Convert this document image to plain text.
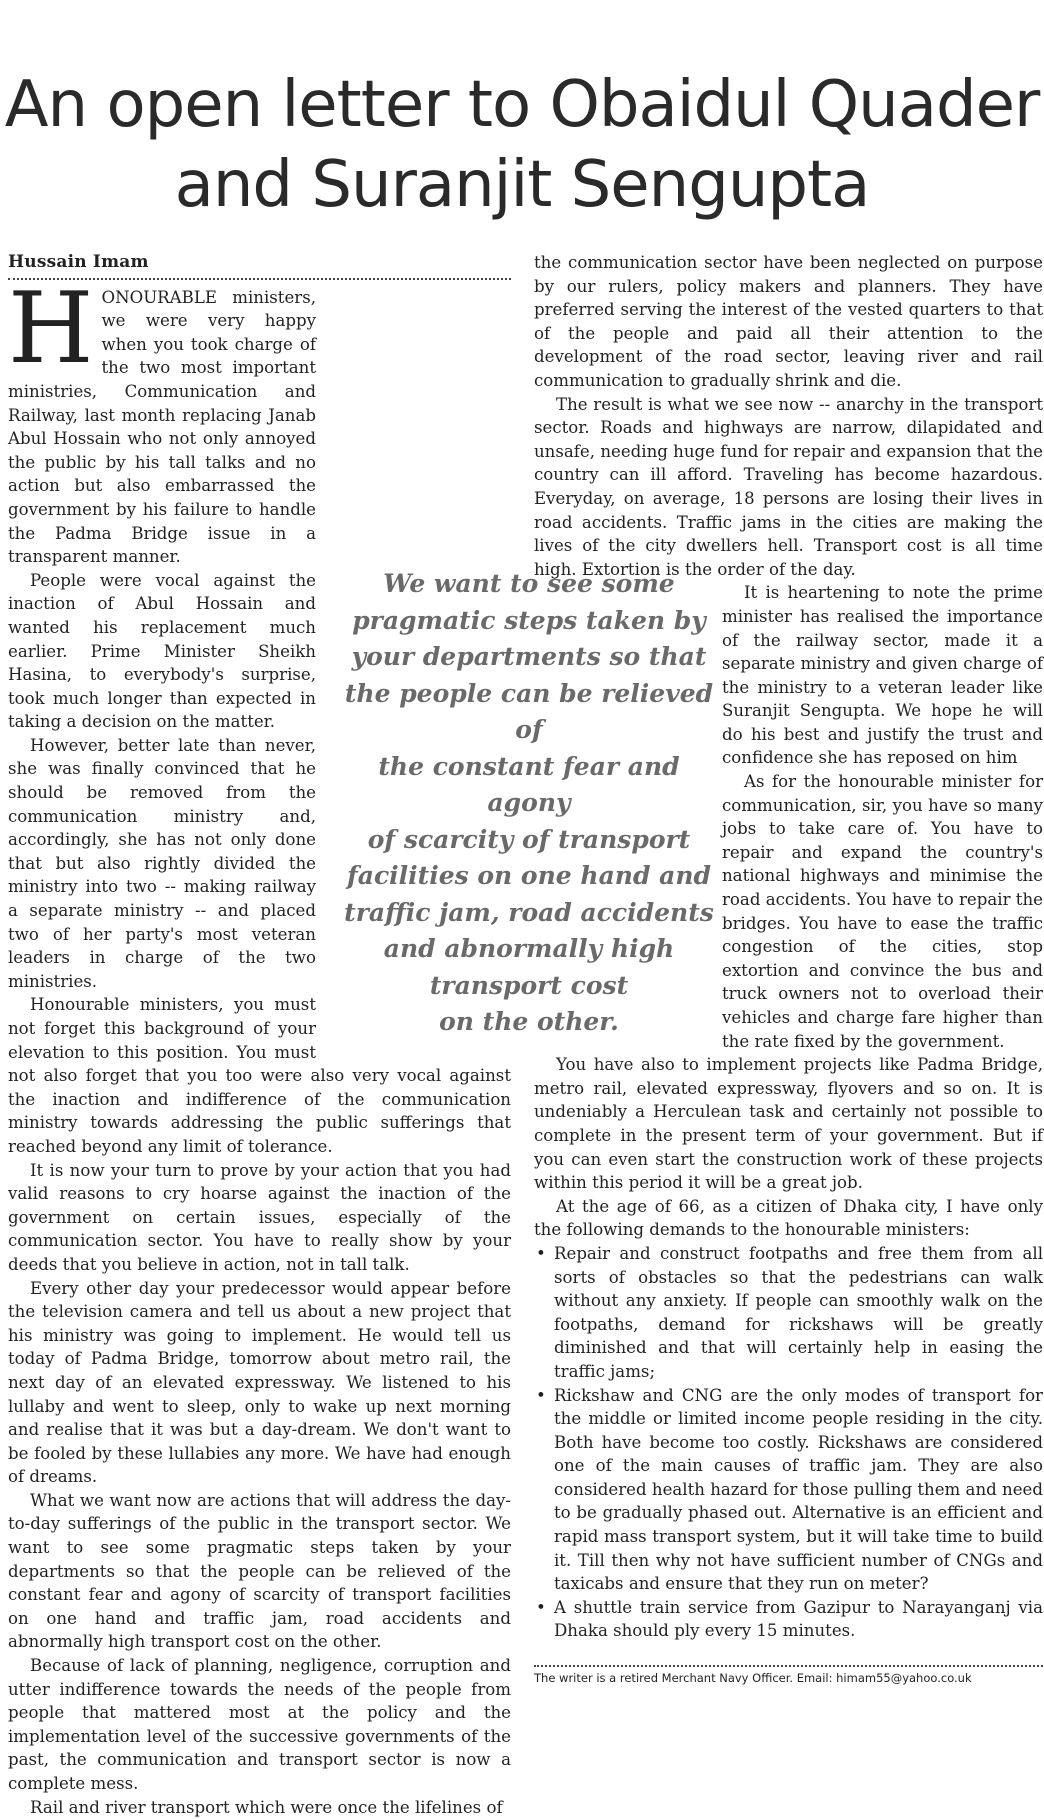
An open letter to Obaidul Quader
and Suranjit Sengupta
Hussain Imam

HONOURABLE ministers, we were very happy when you took charge of the two most important ministries, Communication and Railway, last month replacing Janab Abul Hossain who not only annoyed the public by his tall talks and no action but also embarrassed the government by his failure to handle the Padma Bridge issue in a transparent manner.

People were vocal against the inaction of Abul Hossain and wanted his replacement much earlier. Prime Minister Sheikh Hasina, to everybody's surprise, took much longer than expected in taking a decision on the matter.

However, better late than never, she was finally convinced that he should be removed from the communication ministry and, accordingly, she has not only done that but also rightly divided the ministry into two -- making railway a separate ministry -- and placed two of her party's most veteran leaders in charge of the two ministries.

Honourable ministers, you must not forget this background of your elevation to this position. You must not also forget that you too were also very vocal against the inaction and indifference of the communication ministry towards addressing the public sufferings that reached beyond any limit of tolerance.

It is now your turn to prove by your action that you had valid reasons to cry hoarse against the inaction of the government on certain issues, especially of the communication sector. You have to really show by your deeds that you believe in action, not in tall talk.

Every other day your predecessor would appear before the television camera and tell us about a new project that his ministry was going to implement. He would tell us today of Padma Bridge, tomorrow about metro rail, the next day of an elevated expressway. We listened to his lullaby and went to sleep, only to wake up next morning and realise that it was but a day-dream. We don't want to be fooled by these lullabies any more. We have had enough of dreams.

What we want now are actions that will address the day-to-day sufferings of the public in the transport sector. We want to see some pragmatic steps taken by your departments so that the people can be relieved of the constant fear and agony of scarcity of transport facilities on one hand and traffic jam, road accidents and abnormally high transport cost on the other.

Because of lack of planning, negligence, corruption and utter indifference towards the needs of the people from people that mattered most at the policy and the implementation level of the successive governments of the past, the communication and transport sector is now a complete mess.

Rail and river transport which were once the lifelines of

the communication sector have been neglected on purpose by our rulers, policy makers and planners. They have preferred serving the interest of the vested quarters to that of the people and paid all their attention to the development of the road sector, leaving river and rail communication to gradually shrink and die.

The result is what we see now -- anarchy in the transport sector. Roads and highways are narrow, dilapidated and unsafe, needing huge fund for repair and expansion that the country can ill afford. Traveling has become hazardous. Everyday, on average, 18 persons are losing their lives in road accidents. Traffic jams in the cities are making the lives of the city dwellers hell. Transport cost is all time high. Extortion is the order of the day.

It is heartening to note the prime minister has realised the importance of the railway sector, made it a separate ministry and given charge of the ministry to a veteran leader like Suranjit Sengupta. We hope he will do his best and justify the trust and confidence she has reposed on him

As for the honourable minister for communication, sir, you have so many jobs to take care of. You have to repair and expand the country's national highways and minimise the road accidents. You have to repair the bridges. You have to ease the traffic congestion of the cities, stop extortion and convince the bus and truck owners not to overload their vehicles and charge fare higher than the rate fixed by the government.

You have also to implement projects like Padma Bridge, metro rail, elevated expressway, flyovers and so on. It is undeniably a Herculean task and certainly not possible to complete in the present term of your government. But if you can even start the construction work of these projects within this period it will be a great job.

At the age of 66, as a citizen of Dhaka city, I have only the following demands to the honourable ministers:

• Repair and construct footpaths and free them from all sorts of obstacles so that the pedestrians can walk without any anxiety. If people can smoothly walk on the footpaths, demand for rickshaws will be greatly diminished and that will certainly help in easing the traffic jams;
• Rickshaw and CNG are the only modes of transport for the middle or limited income people residing in the city. Both have become too costly. Rickshaws are considered one of the main causes of traffic jam. They are also considered health hazard for those pulling them and need to be gradually phased out. Alternative is an efficient and rapid mass transport system, but it will take time to build it. Till then why not have sufficient number of CNGs and taxicabs and ensure that they run on meter?
• A shuttle train service from Gazipur to Narayanganj via Dhaka should ply every 15 minutes.
We want to see some
pragmatic steps taken by
your departments so that
the people can be relieved of
the constant fear and agony
of scarcity of transport
facilities on one hand and
traffic jam, road accidents
and abnormally high
transport cost
on the other.
The writer is a retired Merchant Navy Officer. Email: himam55@yahoo.co.uk
